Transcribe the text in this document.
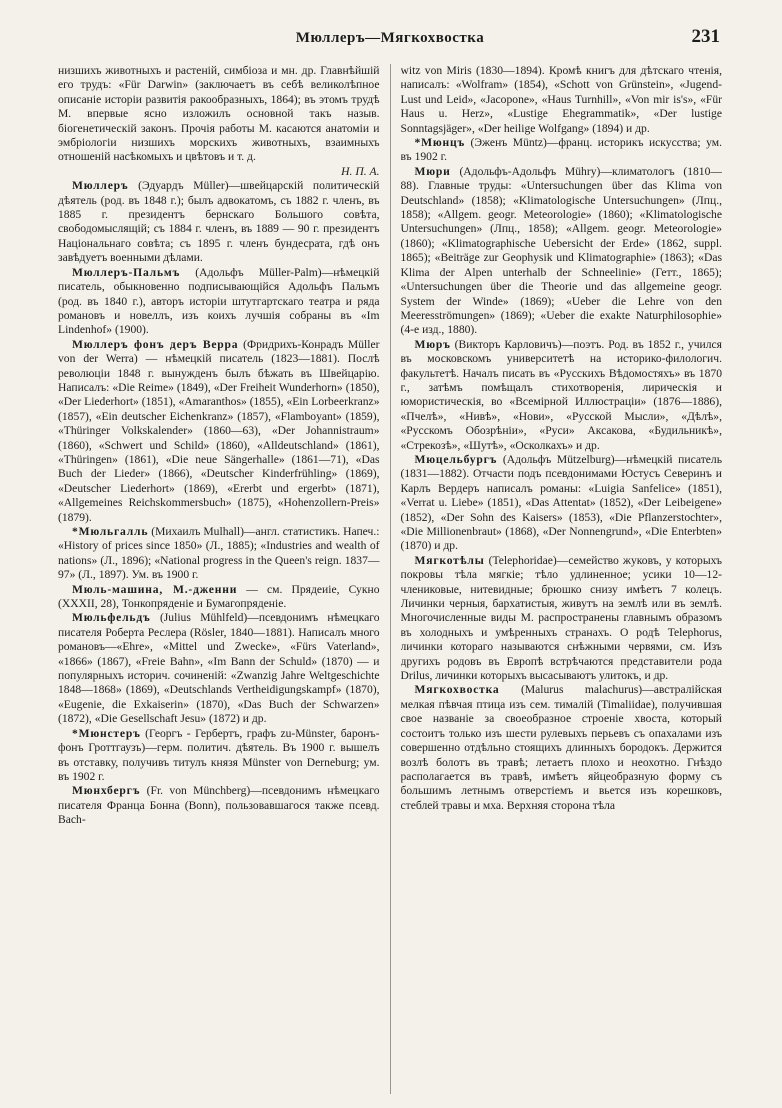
Мюллеръ—Мягкохвостка	231

низшихъ животныхъ и растеній, симбіоза и мн. др. Главнѣйшій его трудъ: «Für Darwin» (заключаетъ въ себѣ великолѣпное описаніе исторіи развитія ракообразныхъ, 1864); въ этомъ трудѣ М. впервые ясно изложилъ основной такъ назыв. біогенетическій законъ. Прочія работы М. касаются анатоміи и эмбріологіи низшихъ морскихъ животныхъ, взаимныхъ отношеній насѣкомыхъ и цвѣтовъ и т. д.

Н. П. А.

Мюллеръ (Эдуардъ Müller)—швейцарскій политическій дѣятель (род. въ 1848 г.); былъ адвокатомъ, съ 1882 г. членъ, въ 1885 г. президентъ бернскаго Большого совѣта, свободомыслящій; съ 1884 г. членъ, въ 1889 — 90 г. президентъ Національнаго совѣта; съ 1895 г. членъ бундесрата, гдѣ онъ завѣдуетъ военными дѣлами.

Мюллеръ-Пальмъ (Адольфъ Müller-Palm)—нѣмецкій писатель, обыкновенно подписывающійся Адольфъ Пальмъ (род. въ 1840 г.), авторъ исторіи штутгартскаго театра и ряда романовъ и новеллъ, изъ коихъ лучшія собраны въ «Im Lindenhof» (1900).

Мюллеръ фонъ деръ Верра (Фридрихъ-Конрадъ Müller von der Werra) — нѣмецкій писатель (1823—1881). Послѣ революціи 1848 г. вынужденъ былъ бѣжать въ Швейцарію. Написалъ: «Die Reime» (1849), «Der Freiheit Wunderhorn» (1850), «Der Liederhort» (1851), «Amaranthos» (1855), «Ein Lorbeerkranz» (1857), «Ein deutscher Eichenkranz» (1857), «Flamboyant» (1859), «Thüringer Volkskalender» (1860—63), «Der Johannistraum» (1860), «Schwert und Schild» (1860), «Alldeutschland» (1861), «Thüringen» (1861), «Die neue Sängerhalle» (1861—71), «Das Buch der Lieder» (1866), «Deutscher Kinderfrühling» (1869), «Deutscher Liederhort» (1869), «Ererbt und ergerbt» (1871), «Allgemeines Reichskommersbuch» (1875), «Hohenzollern-Preis» (1879).

*Мюльгалль (Михаилъ Mulhall)—англ. статистикъ. Напеч.: «History of prices since 1850» (Л., 1885); «Industries and wealth of nations» (Л., 1896); «National progress in the Queen's reign. 1837—97» (Л., 1897). Ум. въ 1900 г.

Мюль-машина, М.-дженни — см. Прядеиіе, Сукно (XXXII, 28), Тонкопряденіе и Бумагопряденіе.

Мюльфельдъ (Julius Mühlfeld)—псевдонимъ нѣмецкаго писателя Роберта Реслера (Rösler, 1840—1881). Написалъ много романовъ—«Ehre», «Mittel und Zwecke», «Fürs Vaterland», «1866» (1867), «Freie Bahn», «Im Bann der Schuld» (1870) — и популярныхъ историч. сочиненій: «Zwanzig Jahre Weltgeschichte 1848—1868» (1869), «Deutschlands Vertheidigungskampf» (1870), «Eugenie, die Exkaiserin» (1870), «Das Buch der Schwarzen» (1872), «Die Gesellschaft Jesu» (1872) и др.

*Мюнстеръ (Георгъ - Гербертъ, графъ zu-Münster, баронъ-фонъ Гроттгаузъ)—герм. политич. дѣятель. Въ 1900 г. вышелъ въ отставку, получивъ титулъ князя Münster von Derneburg; ум. въ 1902 г.

Мюнхбергъ (Fr. von Münchberg)—псевдонимъ нѣмецкаго писателя Франца Бонна (Bonn), пользовавшагося также псевд. Bach-

witz von Miris (1830—1894). Кромѣ книгъ для дѣтскаго чтенія, написалъ: «Wolfram» (1854), «Schott von Grünstein», «Jugend-Lust und Leid», «Jacopone», «Haus Turnhill», «Von mir is's», «Für Haus u. Herz», «Lustige Ehegrammatik», «Der lustige Sonntagsjäger», «Der heilige Wolfgang» (1894) и др.

*Мюнцъ (Эженъ Müntz)—франц. историкъ искусства; ум. въ 1902 г.

Мюри (Адольфъ-Адольфъ Mühry)—климатологъ (1810—88). Главные труды: «Untersuchungen über das Klima von Deutschland» (1858); «Klimatologische Untersuchungen» (Лпц., 1858); «Allgem. geogr. Meteorologie» (1860); «Klimatologische Untersuchungen» (Лпц., 1858); «Allgem. geogr. Meteorologie» (1860); «Klimatographische Uebersicht der Erde» (1862, suppl. 1865); «Beiträge zur Geophysik und Klimatographie» (1863); «Das Klima der Alpen unterhalb der Schneelinie» (Гетт., 1865); «Untersuchungen über die Theorie und das allgemeine geogr. System der Winde» (1869); «Ueber die Lehre von den Meeresströmungen» (1869); «Ueber die exakte Naturphilosophie» (4-е изд., 1880).

Мюръ (Викторъ Карловичъ)—поэтъ. Род. въ 1852 г., учился въ московскомъ университетѣ на историко-филологич. факультетѣ. Началъ писать въ «Русскихъ Вѣдомостяхъ» въ 1870 г., затѣмъ помѣщалъ стихотворенія, лирическія и юмористическія, во «Всемірной Иллюстраціи» (1876—1886), «Пчелѣ», «Нивѣ», «Нови», «Русской Мысли», «Дѣлѣ», «Русскомъ Обозрѣніи», «Руси» Аксакова, «Будильникѣ», «Стрекозѣ», «Шутѣ», «Осколкахъ» и др.

Мюцельбургъ (Адольфъ Mützelburg)—нѣмецкій писатель (1831—1882). Отчасти подъ псевдонимами Юстусъ Северинъ и Карлъ Вердеръ написалъ романы: «Luigia Sanfelice» (1851), «Verrat u. Liebe» (1851), «Das Attentat» (1852), «Der Leibeigene» (1852), «Der Sohn des Kaisers» (1853), «Die Pflanzerstochter», «Die Millionenbraut» (1868), «Der Nonnengrund», «Die Enterbten» (1870) и др.

Мягкотѣлы (Telephoridae)—семейство жуковъ, у которыхъ покровы тѣла мягкіе; тѣло удлиненное; усики 10—12-члениковые, нитевидные; брюшко снизу имѣетъ 7 колецъ. Личинки черныя, бархатистыя, живутъ на землѣ или въ землѣ. Многочисленные виды М. распространены главнымъ образомъ въ холодныхъ и умѣренныхъ странахъ. О родѣ Telephorus, личинки котораго называются снѣжными червями, см. Изъ другихъ родовъ въ Европѣ встрѣчаются представители рода Drilus, личинки которыхъ высасываютъ улитокъ, и др.

Мягкохвостка (Malurus malachurus)—австралійская мелкая пѣвчая птица изъ сем. тималій (Timaliidae), получившая свое названіе за своеобразное строеніе хвоста, который состоитъ только изъ шести рулевыхъ перьевъ съ опахалами изъ совершенно отдѣльно стоящихъ длинныхъ бородокъ. Держится возлѣ болотъ въ травѣ; летаетъ плохо и неохотно. Гнѣздо располагается въ травѣ, имѣетъ яйцеобразную форму съ большимъ летнымъ отверстіемъ и вьется изъ корешковъ, стеблей травы и мха. Верхняя сторона тѣла
